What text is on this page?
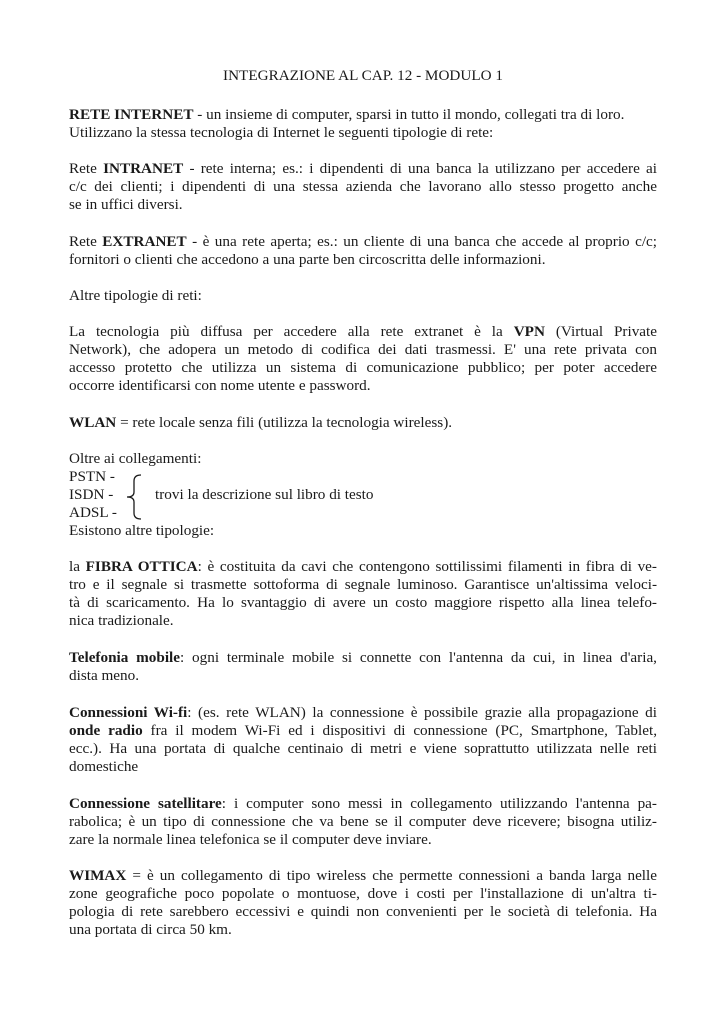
INTEGRAZIONE AL CAP. 12 - MODULO 1
RETE INTERNET - un insieme di computer, sparsi in tutto il mondo, collegati tra di loro.
Utilizzano la stessa tecnologia di Internet le seguenti tipologie di rete:
Rete INTRANET - rete interna; es.: i dipendenti di una banca la utilizzano per accedere ai
c/c dei clienti; i dipendenti di una stessa azienda che lavorano allo stesso progetto anche
se in uffici diversi.
Rete EXTRANET - è una rete aperta; es.: un cliente di una banca che accede al proprio c/c;
fornitori o clienti che accedono a una parte ben circoscritta delle informazioni.
Altre tipologie di reti:
La tecnologia più diffusa per accedere alla rete extranet è la VPN (Virtual Private
Network), che adopera un metodo di codifica dei dati trasmessi. E' una rete privata con
accesso protetto che utilizza un sistema di comunicazione pubblico; per poter accedere
occorre identificarsi con nome utente e password.
WLAN = rete locale senza fili (utilizza la tecnologia wireless).
Oltre ai collegamenti:
PSTN -
ISDN -
ADSL -
trovi la descrizione sul libro di testo
Esistono altre tipologie:
la FIBRA OTTICA: è costituita da cavi che contengono sottilissimi filamenti in fibra di ve-
tro e il segnale si trasmette sottoforma di segnale luminoso. Garantisce un'altissima veloci-
tà di scaricamento. Ha lo svantaggio di avere un costo maggiore rispetto alla linea telefo-
nica tradizionale.
Telefonia mobile: ogni terminale mobile si connette con l'antenna da cui, in linea d'aria,
dista meno.
Connessioni Wi-fi: (es. rete WLAN) la connessione è possibile grazie alla propagazione di
onde radio fra il modem Wi-Fi ed i dispositivi di connessione (PC, Smartphone, Tablet,
ecc.). Ha una portata di qualche centinaio di metri e viene soprattutto utilizzata nelle reti
domestiche
Connessione satellitare: i computer sono messi in collegamento utilizzando l'antenna pa-
rabolica; è un tipo di connessione che va bene se il computer deve ricevere; bisogna utiliz-
zare la normale linea telefonica se il computer deve inviare.
WIMAX = è un collegamento di tipo wireless che permette connessioni a banda larga nelle
zone geografiche poco popolate o montuose, dove i costi per l'installazione di un'altra ti-
pologia di rete sarebbero eccessivi e quindi non convenienti per le società di telefonia. Ha
una portata di circa 50 km.
